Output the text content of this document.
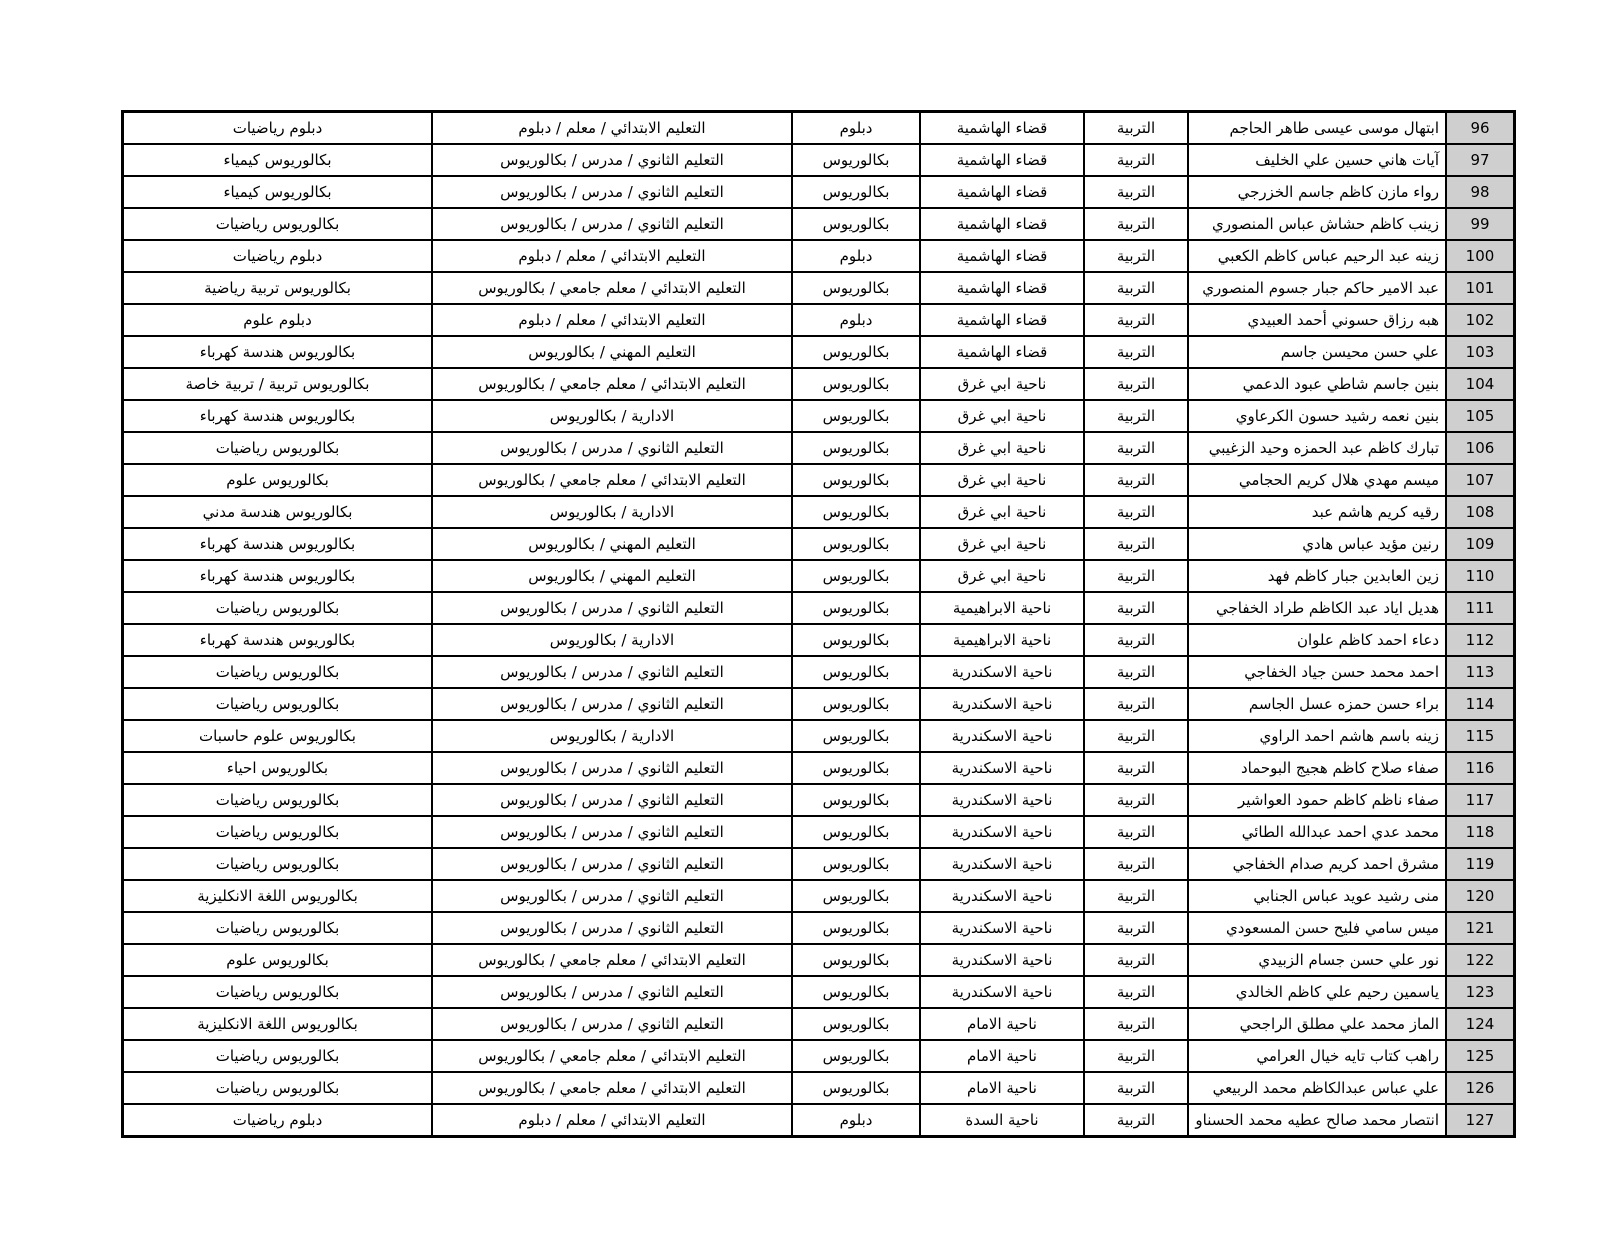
96	ابتهال موسى عيسى طاهر الحاجم	التربية	قضاء الهاشمية	دبلوم	التعليم الابتدائي / معلم / دبلوم	دبلوم رياضيات
97	آيات هاني حسين علي الخليف	التربية	قضاء الهاشمية	بكالوريوس	التعليم الثانوي / مدرس / بكالوريوس	بكالوريوس كيمياء
98	رواء مازن كاظم جاسم الخزرجي	التربية	قضاء الهاشمية	بكالوريوس	التعليم الثانوي / مدرس / بكالوريوس	بكالوريوس كيمياء
99	زينب كاظم حشاش عباس المنصوري	التربية	قضاء الهاشمية	بكالوريوس	التعليم الثانوي / مدرس / بكالوريوس	بكالوريوس رياضيات
100	زينه عبد الرحيم عباس كاظم الكعبي	التربية	قضاء الهاشمية	دبلوم	التعليم الابتدائي / معلم / دبلوم	دبلوم رياضيات
101	عبد الامير حاكم جبار جسوم المنصوري	التربية	قضاء الهاشمية	بكالوريوس	التعليم الابتدائي / معلم جامعي / بكالوريوس	بكالوريوس تربية رياضية
102	هبه رزاق حسوني أحمد العبيدي	التربية	قضاء الهاشمية	دبلوم	التعليم الابتدائي / معلم / دبلوم	دبلوم علوم
103	علي حسن محيسن جاسم	التربية	قضاء الهاشمية	بكالوريوس	التعليم المهني / بكالوريوس	بكالوريوس هندسة كهرباء
104	بنين جاسم شاطي عبود الدعمي	التربية	ناحية ابي غرق	بكالوريوس	التعليم الابتدائي / معلم جامعي / بكالوريوس	بكالوريوس تربية / تربية خاصة
105	بنين نعمه رشيد حسون الكرعاوي	التربية	ناحية ابي غرق	بكالوريوس	الادارية / بكالوريوس	بكالوريوس هندسة كهرباء
106	تبارك كاظم عبد الحمزه وحيد الزغيبي	التربية	ناحية ابي غرق	بكالوريوس	التعليم الثانوي / مدرس / بكالوريوس	بكالوريوس رياضيات
107	ميسم مهدي هلال كريم الحجامي	التربية	ناحية ابي غرق	بكالوريوس	التعليم الابتدائي / معلم جامعي / بكالوريوس	بكالوريوس علوم
108	رقيه كريم هاشم عبد	التربية	ناحية ابي غرق	بكالوريوس	الادارية / بكالوريوس	بكالوريوس هندسة مدني
109	رنين مؤيد عباس هادي	التربية	ناحية ابي غرق	بكالوريوس	التعليم المهني / بكالوريوس	بكالوريوس هندسة كهرباء
110	زين العابدين جبار كاظم فهد	التربية	ناحية ابي غرق	بكالوريوس	التعليم المهني / بكالوريوس	بكالوريوس هندسة كهرباء
111	هديل اياد عبد الكاظم طراد الخفاجي	التربية	ناحية الابراهيمية	بكالوريوس	التعليم الثانوي / مدرس / بكالوريوس	بكالوريوس رياضيات
112	دعاء احمد كاظم علوان	التربية	ناحية الابراهيمية	بكالوريوس	الادارية / بكالوريوس	بكالوريوس هندسة كهرباء
113	احمد محمد حسن جياد الخفاجي	التربية	ناحية الاسكندرية	بكالوريوس	التعليم الثانوي / مدرس / بكالوريوس	بكالوريوس رياضيات
114	براء حسن حمزه عسل الجاسم	التربية	ناحية الاسكندرية	بكالوريوس	التعليم الثانوي / مدرس / بكالوريوس	بكالوريوس رياضيات
115	زينه باسم هاشم احمد الراوي	التربية	ناحية الاسكندرية	بكالوريوس	الادارية / بكالوريوس	بكالوريوس علوم حاسبات
116	صفاء صلاح كاظم هجيج البوحماد	التربية	ناحية الاسكندرية	بكالوريوس	التعليم الثانوي / مدرس / بكالوريوس	بكالوريوس احياء
117	صفاء ناظم كاظم حمود العواشير	التربية	ناحية الاسكندرية	بكالوريوس	التعليم الثانوي / مدرس / بكالوريوس	بكالوريوس رياضيات
118	محمد عدي احمد عبدالله الطائي	التربية	ناحية الاسكندرية	بكالوريوس	التعليم الثانوي / مدرس / بكالوريوس	بكالوريوس رياضيات
119	مشرق احمد كريم صدام الخفاجي	التربية	ناحية الاسكندرية	بكالوريوس	التعليم الثانوي / مدرس / بكالوريوس	بكالوريوس رياضيات
120	منى رشيد عويد عباس الجنابي	التربية	ناحية الاسكندرية	بكالوريوس	التعليم الثانوي / مدرس / بكالوريوس	بكالوريوس اللغة الانكليزية
121	ميس سامي فليح حسن المسعودي	التربية	ناحية الاسكندرية	بكالوريوس	التعليم الثانوي / مدرس / بكالوريوس	بكالوريوس رياضيات
122	نور علي حسن جسام الزبيدي	التربية	ناحية الاسكندرية	بكالوريوس	التعليم الابتدائي / معلم جامعي / بكالوريوس	بكالوريوس علوم
123	ياسمين رحيم علي كاظم الخالدي	التربية	ناحية الاسكندرية	بكالوريوس	التعليم الثانوي / مدرس / بكالوريوس	بكالوريوس رياضيات
124	الماز محمد علي مطلق الراجحي	التربية	ناحية الامام	بكالوريوس	التعليم الثانوي / مدرس / بكالوريوس	بكالوريوس اللغة الانكليزية
125	راهب كتاب تايه خيال العرامي	التربية	ناحية الامام	بكالوريوس	التعليم الابتدائي / معلم جامعي / بكالوريوس	بكالوريوس رياضيات
126	علي عباس عبدالكاظم محمد الربيعي	التربية	ناحية الامام	بكالوريوس	التعليم الابتدائي / معلم جامعي / بكالوريوس	بكالوريوس رياضيات
127	انتصار محمد صالح عطيه محمد الحسناو	التربية	ناحية السدة	دبلوم	التعليم الابتدائي / معلم / دبلوم	دبلوم رياضيات
